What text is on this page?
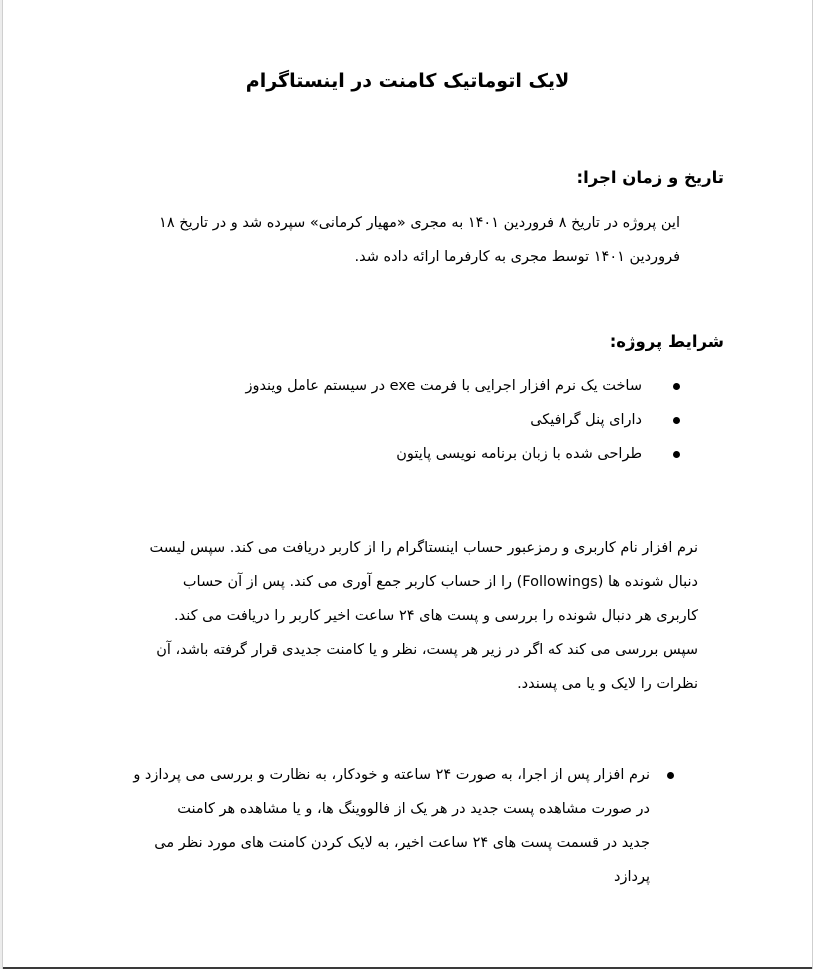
لایک اتوماتیک کامنت در اینستاگرام
تاریخ و زمان اجرا:

این پروژه در تاریخ ۸ فروردین ۱۴۰۱ به مجری «مهیار کرمانی» سپرده شد و در تاریخ ۱۸
فروردین ۱۴۰۱ توسط مجری به کارفرما ارائه داده شد.

شرایط پروژه:
ساخت یک نرم افزار اجرایی با فرمت exe در سیستم عامل ویندوز
دارای پنل گرافیکی
طراحی شده با زبان برنامه نویسی پایتون

نرم افزار نام کاربری و رمزعبور حساب اینستاگرام را از کاربر دریافت می کند. سپس لیست
دنبال شونده ها (Followings) را از حساب کاربر جمع آوری می کند. پس از آن حساب
کاربری هر دنبال شونده را بررسی و پست های ۲۴ ساعت اخیر کاربر را دریافت می کند.
سپس بررسی می کند که اگر در زیر هر پست، نظر و یا کامنت جدیدی قرار گرفته باشد، آن
نظرات را لایک و یا می پسندد.

نرم افزار پس از اجرا، به صورت ۲۴ ساعته و خودکار، به نظارت و بررسی می پردازد و
در صورت مشاهده پست جدید در هر یک از فالووینگ ها، و یا مشاهده هر کامنت
جدید در قسمت پست های ۲۴ ساعت اخیر، به لایک کردن کامنت های مورد نظر می
پردازد
